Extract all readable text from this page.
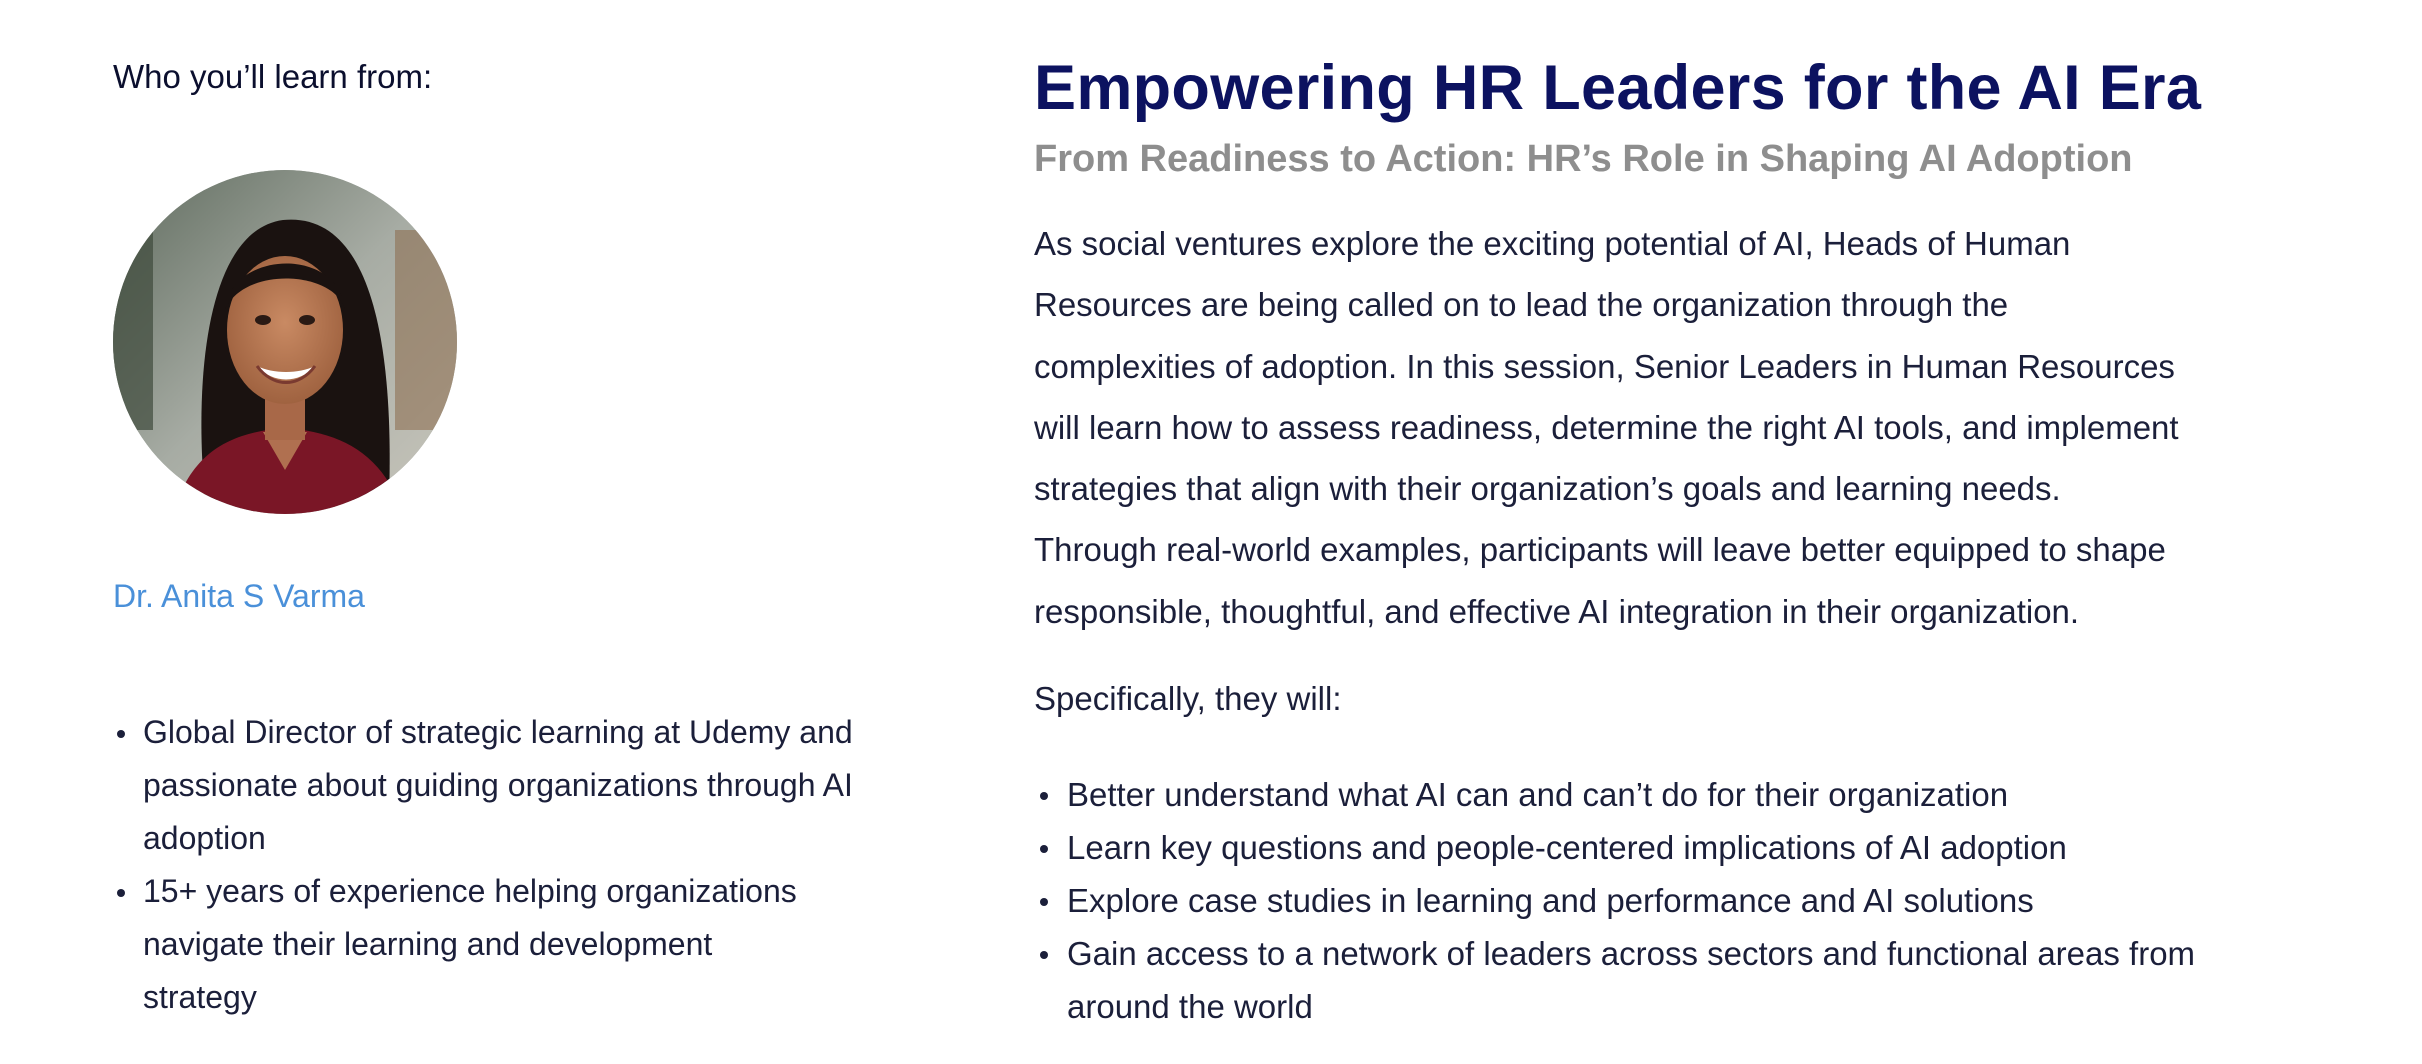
Who you’ll learn from:
Dr. Anita S Varma
Global Director of strategic learning at Udemy and
passionate about guiding organizations through AI
adoption
15+ years of experience helping organizations
navigate their learning and development
strategy
Empowering HR Leaders for the AI Era
From Readiness to Action: HR’s Role in Shaping AI Adoption

As social ventures explore the exciting potential of AI, Heads of Human
Resources are being called on to lead the organization through the
complexities of adoption. In this session, Senior Leaders in Human Resources
will learn how to assess readiness, determine the right AI tools, and implement
strategies that align with their organization’s goals and learning needs.
Through real-world examples, participants will leave better equipped to shape
responsible, thoughtful, and effective AI integration in their organization.

Specifically, they will:

Better understand what AI can and can’t do for their organization
Learn key questions and people-centered implications of AI adoption
Explore case studies in learning and performance and AI solutions
Gain access to a network of leaders across sectors and functional areas from
around the world
